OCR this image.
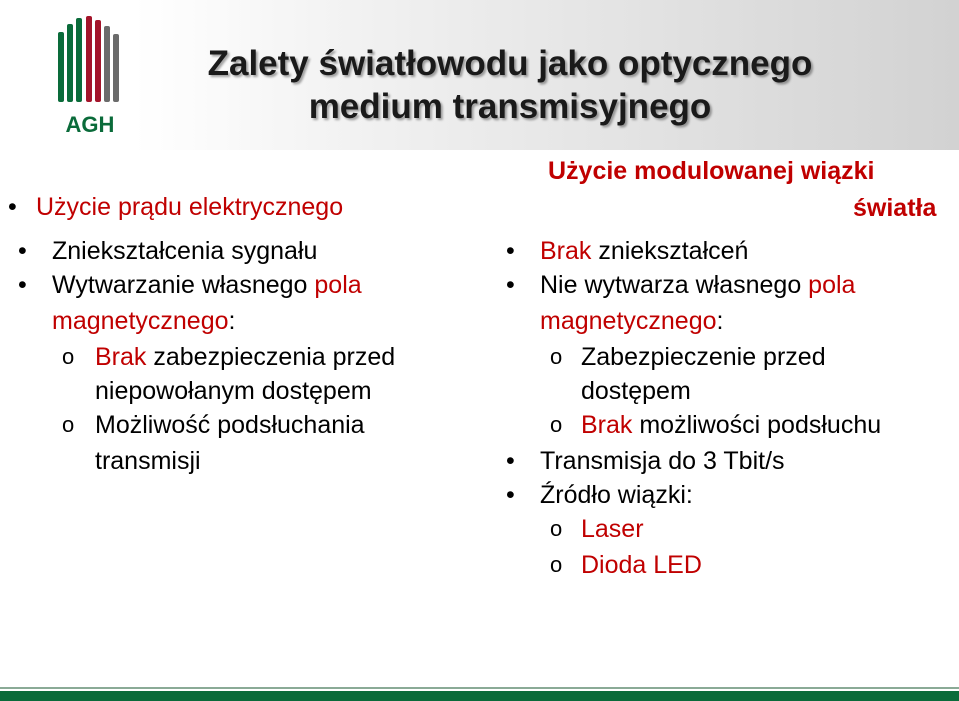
AGH
Zalety światłowodu jako optycznego
medium transmisyjnego
• Użycie prądu elektrycznego
• Zniekształcenia sygnału
• Wytwarzanie własnego pola
magnetycznego:
o Brak zabezpieczenia przed
niepowołanym dostępem
o Możliwość podsłuchania
transmisji
Użycie modulowanej wiązki
światła
• Brak zniekształceń
• Nie wytwarza własnego pola
magnetycznego:
o Zabezpieczenie przed
dostępem
o Brak możliwości podsłuchu
• Transmisja do 3 Tbit/s
• Źródło wiązki:
o Laser
o Dioda LED
